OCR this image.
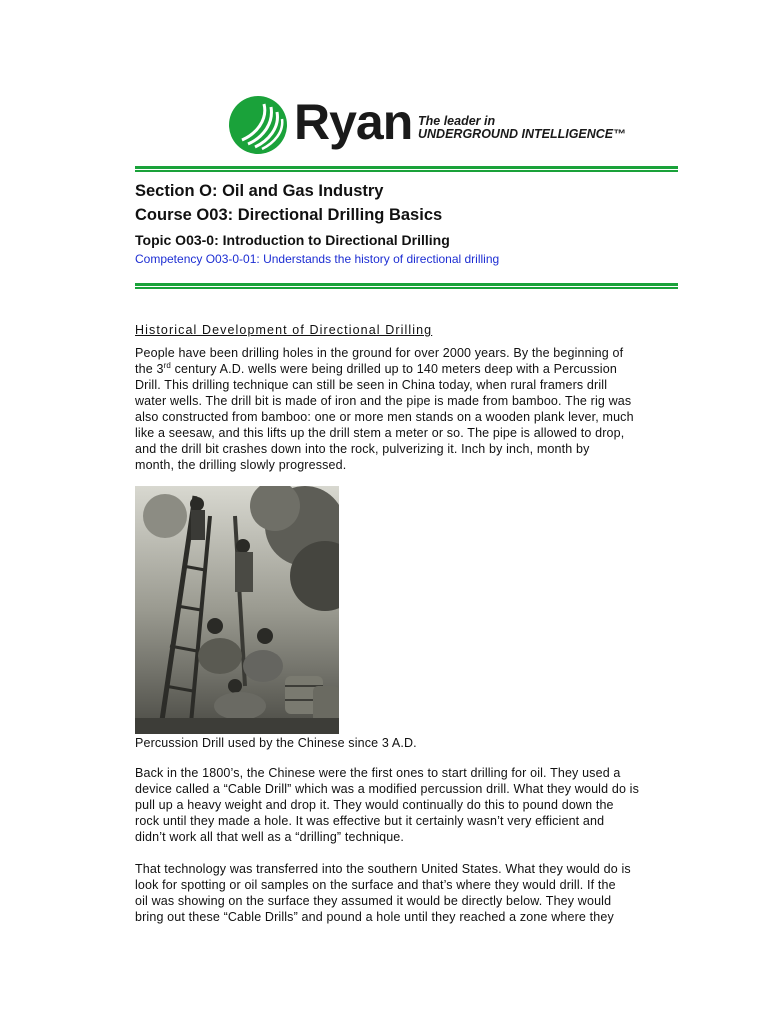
Ryan The leader in
UNDERGROUND INTELLIGENCE™
Section O: Oil and Gas Industry
Course O03: Directional Drilling Basics
Topic O03-0: Introduction to Directional Drilling
Competency O03-0-01: Understands the history of directional drilling
Historical Development of Directional Drilling
People have been drilling holes in the ground for over 2000 years. By the beginning of
the 3rd century A.D. wells were being drilled up to 140 meters deep with a Percussion
Drill. This drilling technique can still be seen in China today, when rural framers drill
water wells. The drill bit is made of iron and the pipe is made from bamboo. The rig was
also constructed from bamboo: one or more men stands on a wooden plank lever, much
like a seesaw, and this lifts up the drill stem a meter or so. The pipe is allowed to drop,
and the drill bit crashes down into the rock, pulverizing it. Inch by inch, month by
month, the drilling slowly progressed.
Percussion Drill used by the Chinese since 3 A.D.
Back in the 1800’s, the Chinese were the first ones to start drilling for oil. They used a
device called a “Cable Drill” which was a modified percussion drill. What they would do is
pull up a heavy weight and drop it. They would continually do this to pound down the
rock until they made a hole. It was effective but it certainly wasn’t very efficient and
didn’t work all that well as a “drilling” technique.
That technology was transferred into the southern United States. What they would do is
look for spotting or oil samples on the surface and that’s where they would drill. If the
oil was showing on the surface they assumed it would be directly below. They would
bring out these “Cable Drills” and pound a hole until they reached a zone where they
